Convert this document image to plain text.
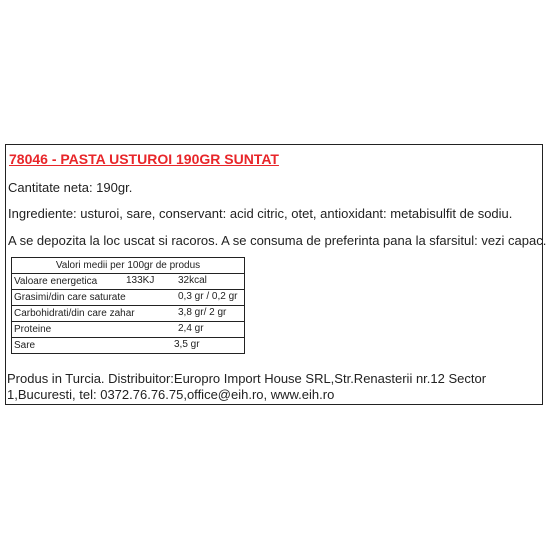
78046 - PASTA USTUROI 190GR SUNTAT
Cantitate neta: 190gr.
Ingrediente: usturoi, sare, conservant: acid citric, otet, antioxidant: metabisulfit de sodiu.
A se depozita la loc uscat si racoros. A se consuma de preferinta pana la sfarsitul: vezi capac.
Valori medii per 100gr de produs
Valoare energetica	133KJ 32kcal

Grasimi/din care saturate	0,3 gr / 0,2 gr

Carbohidrati/din care zahar	3,8 gr/ 2 gr

Proteine	2,4 gr

Sare	3,5 gr
Produs in Turcia. Distribuitor:Europro Import House SRL,Str.Renasterii nr.12 Sector 1,Bucuresti, tel: 0372.76.76.75,office@eih.ro, www.eih.ro
